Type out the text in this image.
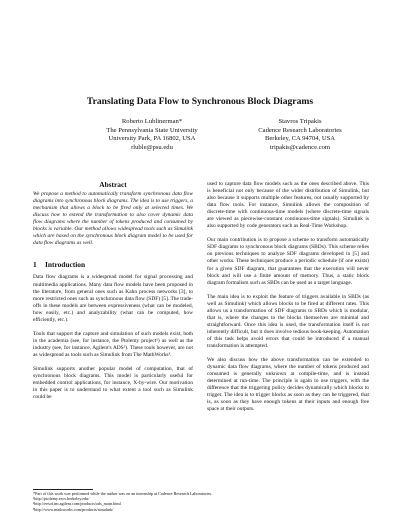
Translating Data Flow to Synchronous Block Diagrams
Roberto Lublinerman*
The Pennsylvania State University
University Park, PA 16802, USA
rluble@psu.edu
Stavros Tripakis
Cadence Research Laboratories
Berkeley, CA 94704, USA
tripakis@cadence.com
Abstract

We propose a method to automatically transform synchronous data flow diagrams into synchronous block diagrams. The idea is to use triggers, a mechanism that allows a block to be fired only at selected times. We discuss how to extend the transformation to also cover dynamic data flow diagrams where the number of tokens produced and consumed by blocks is variable. Our method allows widespread tools such as Simulink which are based on the synchronous block diagram model to be used for data flow diagrams as well.

1 Introduction

Data flow diagrams is a widespread model for signal processing and multimedia applications. Many data flow models have been proposed in the literature, from general ones such as Kahn process networks [3], to more restricted ones such as synchronous data flow (SDF) [5]. The trade-offs in these models are between expressiveness (what can be modeled, how easily, etc.) and analyzability (what can be computed, how efficiently, etc.).

Tools that support the capture and simulation of such models exist, both in the academia (see, for instance, the Ptolemy project¹) as well as the industry (see, for instance, Agilent's ADS²). These tools however, are not as widespread as tools such as Simulink from The MathWorks³.

Simulink supports another popular model of computation, that of synchronous block diagrams. This model is particularly useful for embedded control applications, for instance, X-by-wire. Our motivation in this paper is to understand to what extent a tool such as Simulink could be

*Part of this work was performed while the author was on an internship at Cadence Research Laboratories.
¹http://ptolemy.eecs.berkeley.edu/
²http://eesof.tm.agilent.com/products/ads_main.html
³http://www.mathworks.com/products/simulink/

used to capture data flow models such as the ones described above. This is beneficial not only because of the wider distribution of Simulink, but also because it supports multiple other features, not usually supported by data flow tools. For instance, Simulink allows the composition of discrete-time with continuous-time models (where discrete-time signals are viewed as piecewise-constant continuous-time signals). Simulink is also supported by code generators such as Real-Time Workshop.

Our main contribution is to propose a scheme to transform automatically SDF diagrams to synchronous block diagrams (SBDs). This scheme relies on previous techniques to analyze SDF diagrams developed in [5] and other works. These techniques produce a periodic schedule (if one exists) for a given SDF diagram, that guarantees that the execution will never block and will use a finite amount of memory. Thus, a static block diagram formalism such as SBDs can be used as a target language.

The main idea is to exploit the feature of triggers available in SBDs (as well as Simulink) which allows blocks to be fired at different rates. This allows us a transformation of SDF diagrams to SBDs which is modular, that is, where the changes to the blocks themselves are minimal and straightforward. Once this idea is used, the transformation itself is not inherently difficult, but it does involve tedious book-keeping. Automation of this task helps avoid errors that could be introduced if a manual transformation is attempted.

We also discuss how the above transformation can be extended to dynamic data flow diagrams, where the number of tokens produced and consumed is generally unknown at compile-time, and is instead determined at run-time. The principle is again to use triggers, with the difference that the triggering policy decides dynamically which blocks to trigger. The idea is to trigger blocks as soon as they can be triggered, that is, as soon as they have enough tokens at their inputs and enough free space at their outputs.
